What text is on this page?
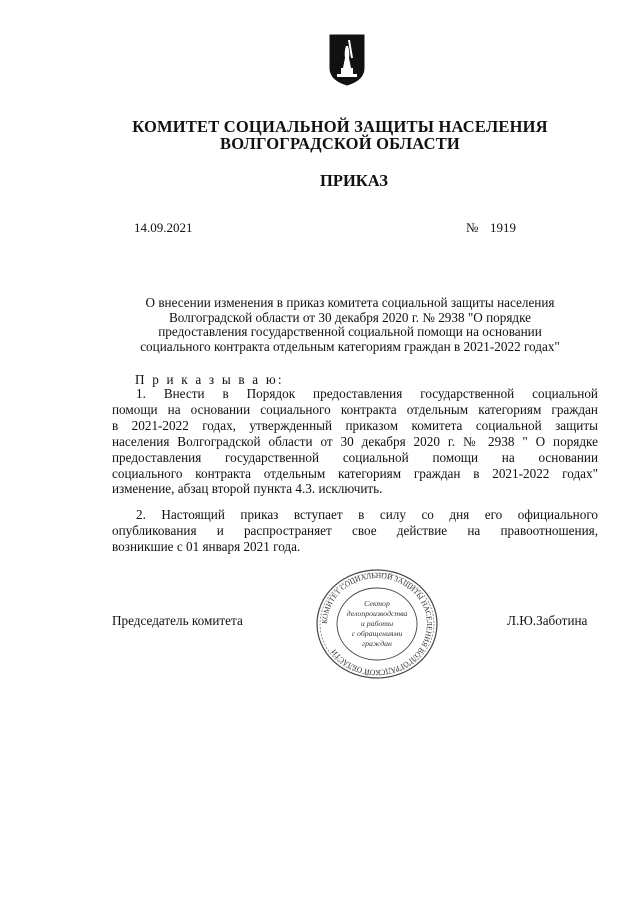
КОМИТЕТ СОЦИАЛЬНОЙ ЗАЩИТЫ НАСЕЛЕНИЯ
ВОЛГОГРАДСКОЙ ОБЛАСТИ
ПРИКАЗ
14.09.2021	№ 1919
О внесении изменения в приказ комитета социальной защиты населения
Волгоградской области от 30 декабря 2020 г. № 2938 "О порядке
предоставления государственной социальной помощи на основании
социального контракта отдельным категориям граждан в 2021-2022 годах"
П р и к а з ы в а ю:
1. Внести в Порядок предоставления государственной социальной
помощи на основании социального контракта отдельным категориям граждан
в 2021-2022 годах, утвержденный приказом комитета социальной защиты
населения Волгоградской области от 30 декабря 2020 г. № 2938 " О порядке
предоставления государственной социальной помощи на основании
социального контракта отдельным категориям граждан в 2021-2022 годах"
изменение, абзац второй пункта 4.3. исключить.
2. Настоящий приказ вступает в силу со дня его официального
опубликования и распространяет свое действие на правоотношения,
возникшие с 01 января 2021 года.
Председатель комитета	Л.Ю.Заботина
КОМИТЕТ СОЦИАЛЬНОЙ ЗАЩИТЫ НАСЕЛЕНИЯ ВОЛГОГРАДСКОЙ ОБЛАСТИ
Сектор
делопроизводства
и работы
с обращениями
граждан
